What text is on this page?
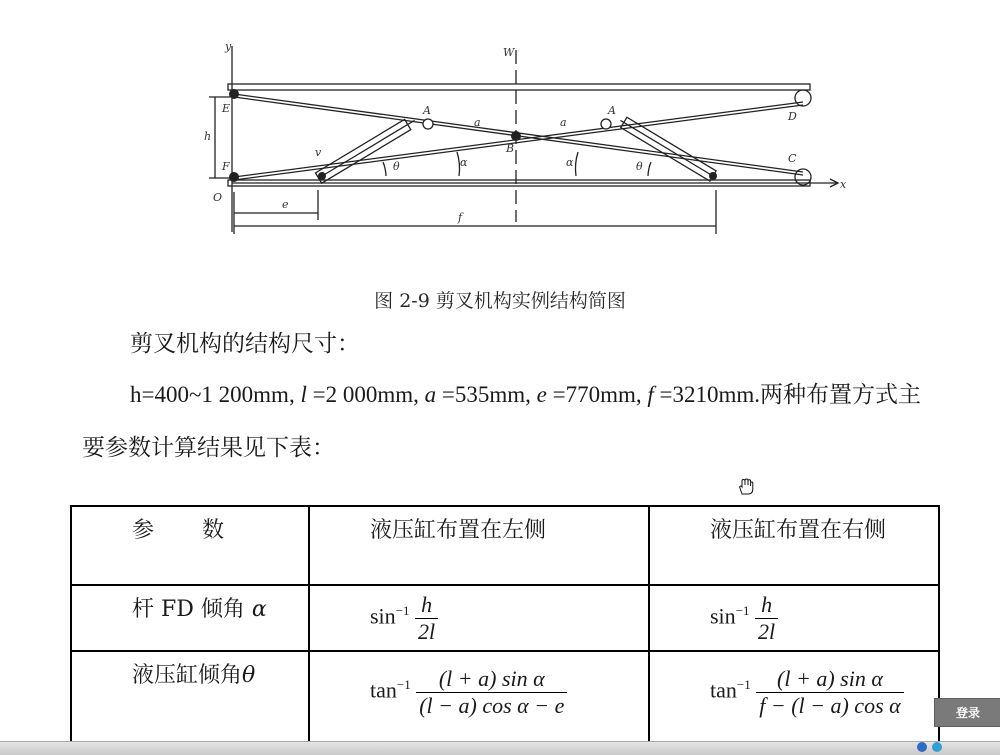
y	W
x
E
F
O
h
A	A
B
C
D
a	a
α	α
θ	θ
v
e
f
图 2-9 剪叉机构实例结构简图
剪叉机构的结构尺寸：
h=400~1 200mm, l =2 000mm, a =535mm, e =770mm, f =3210mm.两种布置方式主
要参数计算结果见下表：
参 数	液压缸布置在左侧	液压缸布置在右侧

杆 FD 倾角 α	$\sin^{-1} \frac{h}{2l}$	$\sin^{-1} \frac{h}{2l}$

液压缸倾角θ	$\tan^{-1} \frac{\text{(l + a) sin α}}{\text{(l − a) cos α − e}}$	$\tan^{-1} \frac{\text{(l + a) sin α}}{\text{f − (l − a) cos α}}$	登录
